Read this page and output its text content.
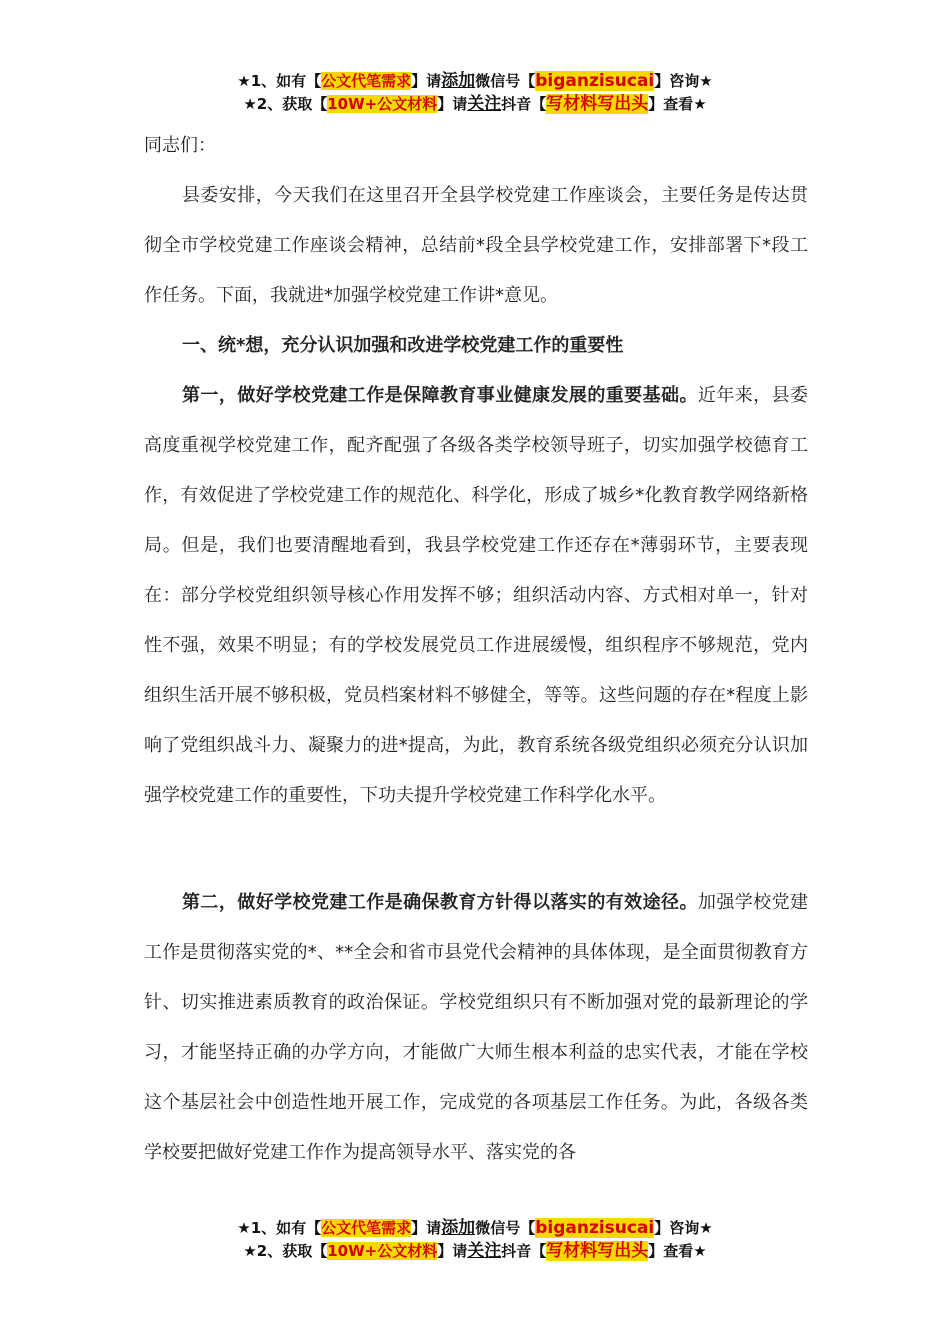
★1、如有【公文代笔需求】请添加微信号【biganzisucai】咨询★
★2、获取【10W+公文材料】请关注抖音【写材料写出头】查看★

同志们：

县委安排，今天我们在这里召开全县学校党建工作座谈会，主要任务是传达贯彻全市学校党建工作座谈会精神，总结前*段全县学校党建工作，安排部署下*段工作任务。下面，我就进*加强学校党建工作讲*意见。

一、统*想，充分认识加强和改进学校党建工作的重要性

第一，做好学校党建工作是保障教育事业健康发展的重要基础。近年来，县委高度重视学校党建工作，配齐配强了各级各类学校领导班子，切实加强学校德育工作，有效促进了学校党建工作的规范化、科学化，形成了城乡*化教育教学网络新格局。但是，我们也要清醒地看到，我县学校党建工作还存在*薄弱环节，主要表现在：部分学校党组织领导核心作用发挥不够；组织活动内容、方式相对单一，针对性不强，效果不明显；有的学校发展党员工作进展缓慢，组织程序不够规范，党内组织生活开展不够积极，党员档案材料不够健全，等等。这些问题的存在*程度上影响了党组织战斗力、凝聚力的进*提高，为此，教育系统各级党组织必须充分认识加强学校党建工作的重要性，下功夫提升学校党建工作科学化水平。

第二，做好学校党建工作是确保教育方针得以落实的有效途径。加强学校党建工作是贯彻落实党的*、**全会和省市县党代会精神的具体体现，是全面贯彻教育方针、切实推进素质教育的政治保证。学校党组织只有不断加强对党的最新理论的学习，才能坚持正确的办学方向，才能做广大师生根本利益的忠实代表，才能在学校这个基层社会中创造性地开展工作，完成党的各项基层工作任务。为此，各级各类学校要把做好党建工作作为提高领导水平、落实党的各

★1、如有【公文代笔需求】请添加微信号【biganzisucai】咨询★
★2、获取【10W+公文材料】请关注抖音【写材料写出头】查看★
